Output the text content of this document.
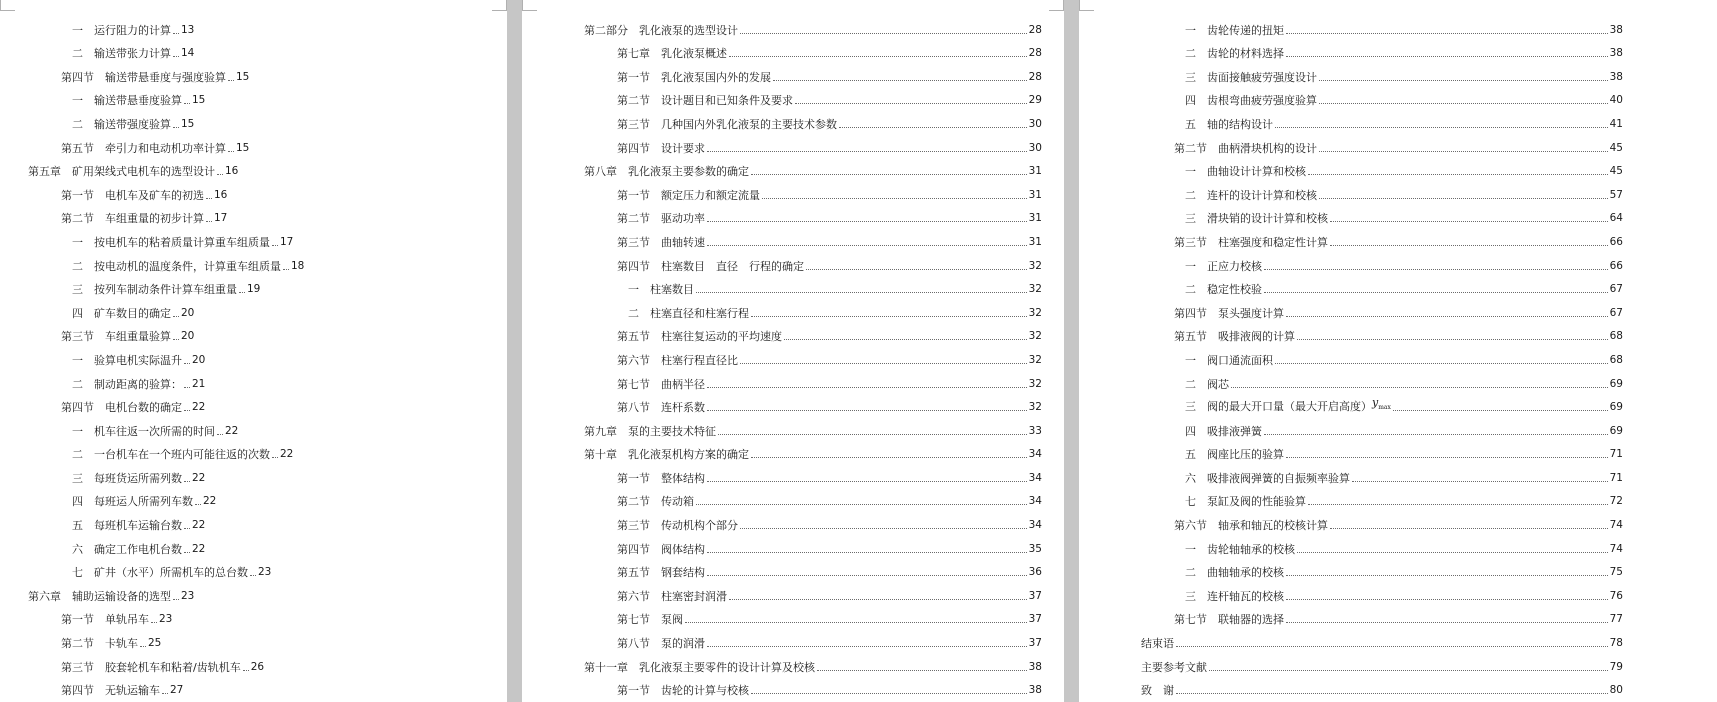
一　运行阻力的计算 13
二　输送带张力计算 14
第四节　输送带悬垂度与强度验算 15
一　输送带悬垂度验算 15
二　输送带强度验算 15
第五节　牵引力和电动机功率计算 15
第五章　矿用架线式电机车的选型设计 16
第一节　电机车及矿车的初选 16
第二节　车组重量的初步计算 17
一　按电机车的粘着质量计算重车组质量 17
二　按电动机的温度条件，计算重车组质量 18
三　按列车制动条件计算车组重量 19
四　矿车数目的确定 20
第三节　车组重量验算 20
一　验算电机实际温升 20
二　制动距离的验算： 21
第四节　电机台数的确定 22
一　机车往返一次所需的时间 22
二　一台机车在一个班内可能往返的次数 22
三　每班货运所需列数 22
四　每班运人所需列车数 22
五　每班机车运输台数 22
六　确定工作电机台数 22
七　矿井（水平）所需机车的总台数 23
第六章　辅助运输设备的选型 23
第一节　单轨吊车 23
第二节　卡轨车 25
第三节　胶套轮机车和粘着/齿轨机车 26
第四节　无轨运输车 27
第二部分　乳化液泵的选型设计	28
第七章　乳化液泵概述	28
第一节　乳化液泵国内外的发展	28
第二节　设计题目和已知条件及要求	29
第三节　几种国内外乳化液泵的主要技术参数	30
第四节　设计要求	30
第八章　乳化液泵主要参数的确定	31
第一节　额定压力和额定流量	31
第二节　驱动功率	31
第三节　曲轴转速	31
第四节　柱塞数目　直径　行程的确定	32
一　柱塞数目	32
二　柱塞直径和柱塞行程	32
第五节　柱塞往复运动的平均速度	32
第六节　柱塞行程直径比	32
第七节　曲柄半径	32
第八节　连杆系数	32
第九章　泵的主要技术特征	33
第十章　乳化液泵机构方案的确定	34
第一节　整体结构	34
第二节　传动箱	34
第三节　传动机构个部分	34
第四节　阀体结构	35
第五节　钢套结构	36
第六节　柱塞密封润滑	37
第七节　泵阀	37
第八节　泵的润滑	37
第十一章　乳化液泵主要零件的设计计算及校核	38
第一节　齿轮的计算与校核	38
一　齿轮传递的扭矩	38
二　齿轮的材料选择	38
三　齿面接触疲劳强度设计	38
四　齿根弯曲疲劳强度验算	40
五　轴的结构设计	41
第二节　曲柄滑块机构的设计	45
一　曲轴设计计算和校核	45
二　连杆的设计计算和校核	57
三　滑块销的设计计算和校核	64
第三节　柱塞强度和稳定性计算	66
一　正应力校核	66
二　稳定性校验	67
第四节　泵头强度计算	67
第五节　吸排液阀的计算	68
一　阀口通流面积	68
二　阀芯	69
三　阀的最大开口量（最大开启高度） $y_{max}$	69
四　吸排液弹簧	69
五　阀座比压的验算	71
六　吸排液阀弹簧的自振频率验算	71
七　泵缸及阀的性能验算	72
第六节　轴承和轴瓦的校核计算	74
一　齿轮轴轴承的校核	74
二　曲轴轴承的校核	75
三　连杆轴瓦的校核	76
第七节　联轴器的选择	77
结束语	78
主要参考文献	79
致　谢	80
